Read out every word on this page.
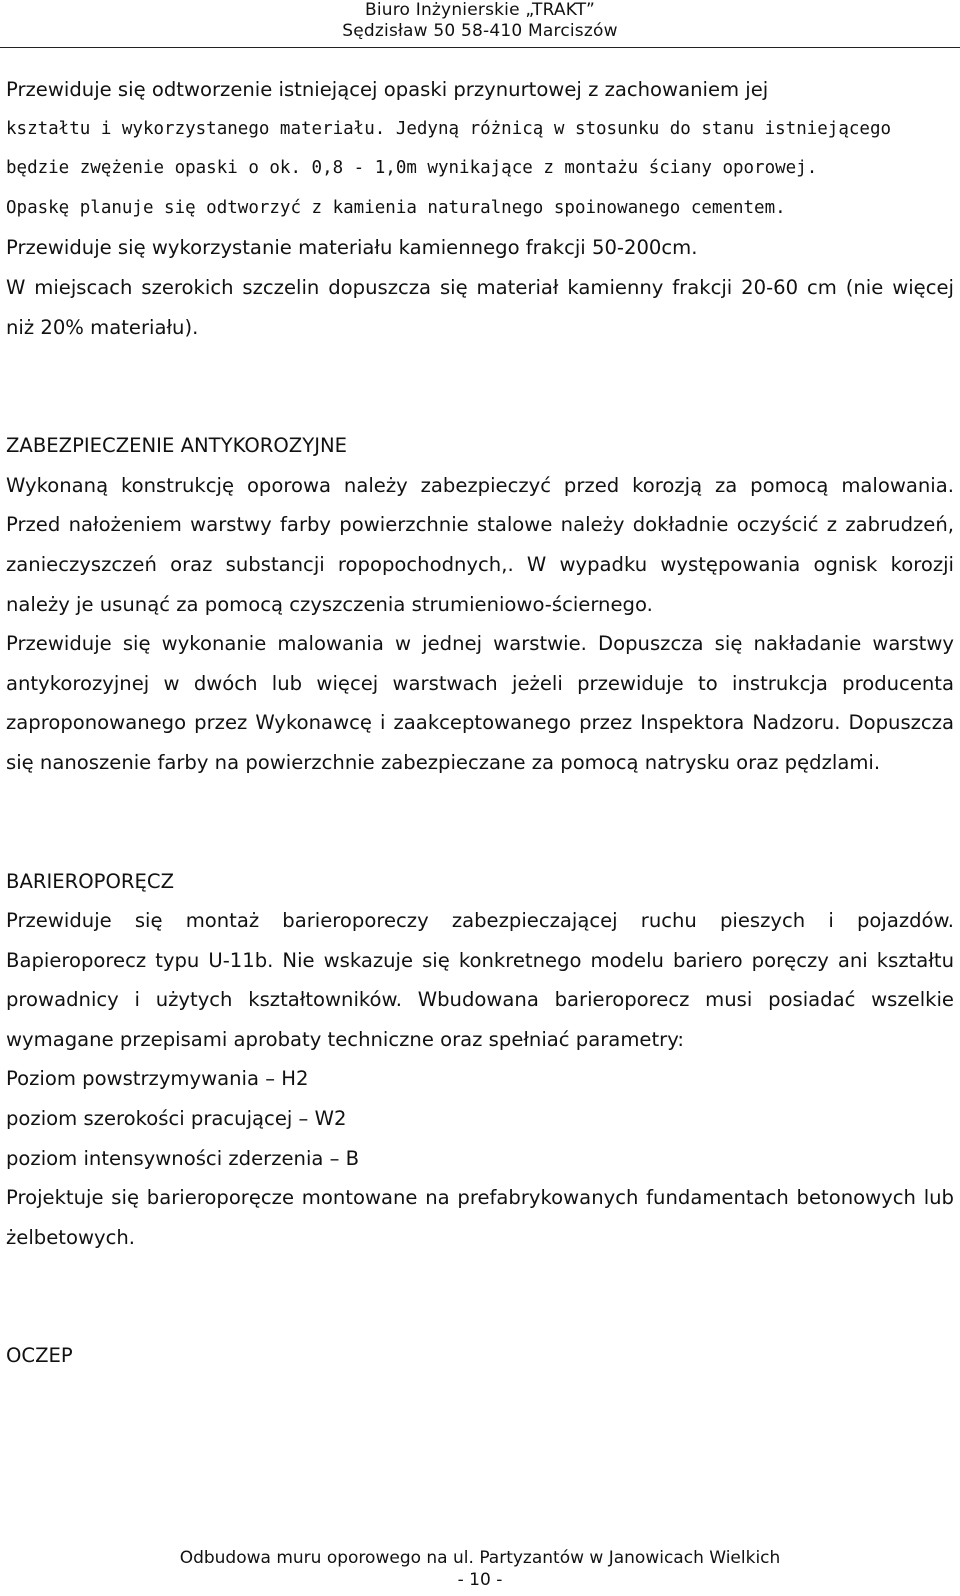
Biuro Inżynierskie „TRAKT”
Sędzisław 50 58-410 Marciszów

Przewiduje się odtworzenie istniejącej opaski przynurtowej z zachowaniem jej

kształtu i wykorzystanego materiału. Jedyną różnicą w stosunku do stanu istniejącego

będzie zwężenie opaski o ok. 0,8 - 1,0m wynikające z montażu ściany oporowej.

Opaskę planuje się odtworzyć z kamienia naturalnego spoinowanego cementem.

Przewiduje się wykorzystanie materiału kamiennego frakcji 50-200cm.

W miejscach szerokich szczelin dopuszcza się materiał kamienny frakcji 20-60 cm (nie więcej niż 20% materiału).

ZABEZPIECZENIE ANTYKOROZYJNE

Wykonaną konstrukcję oporowa należy zabezpieczyć przed korozją za pomocą malowania. Przed nałożeniem warstwy farby powierzchnie stalowe należy dokładnie oczyścić z zabrudzeń, zanieczyszczeń oraz substancji ropopochodnych,. W wypadku występowania ognisk korozji należy je usunąć za pomocą czyszczenia strumieniowo-ściernego.

Przewiduje się wykonanie malowania w jednej warstwie. Dopuszcza się nakładanie warstwy antykorozyjnej w dwóch lub więcej warstwach jeżeli przewiduje to instrukcja producenta zaproponowanego przez Wykonawcę i zaakceptowanego przez Inspektora Nadzoru. Dopuszcza się nanoszenie farby na powierzchnie zabezpieczane za pomocą natrysku oraz pędzlami.

BARIEROPORĘCZ

Przewiduje się montaż barieroporeczy zabezpieczającej ruchu pieszych i pojazdów. Bapieroporecz typu U-11b. Nie wskazuje się konkretnego modelu bariero poręczy ani kształtu prowadnicy i użytych kształtowników. Wbudowana barieroporecz musi posiadać wszelkie wymagane przepisami aprobaty techniczne oraz spełniać parametry:

Poziom powstrzymywania – H2

poziom szerokości pracującej – W2

poziom intensywności zderzenia – B

Projektuje się barieroporęcze montowane na prefabrykowanych fundamentach betonowych lub żelbetowych.

OCZEP

Odbudowa muru oporowego na ul. Partyzantów w Janowicach Wielkich
- 10 -
